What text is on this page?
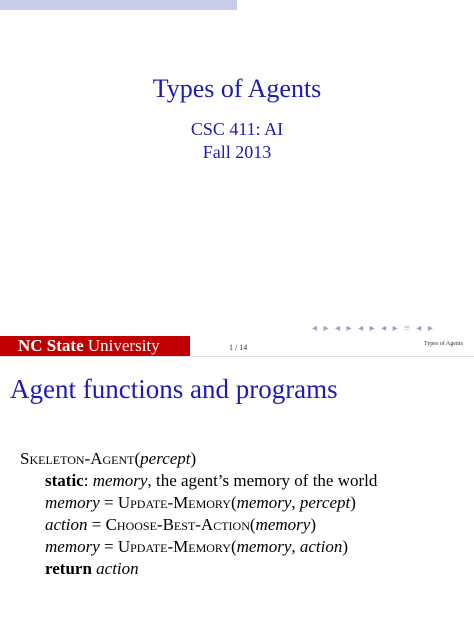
Types of Agents
CSC 411: AI
Fall 2013
◂ ▸ ◂ ▸ ◂ ▸ ◂ ▸ ≡ ◂ ▸
NC State University	1 / 14	Types of Agents
Agent functions and programs
Skeleton-Agent(percept)
static: memory, the agent’s memory of the world
memory = Update-Memory(memory, percept)
action = Choose-Best-Action(memory)
memory = Update-Memory(memory, action)
return action
